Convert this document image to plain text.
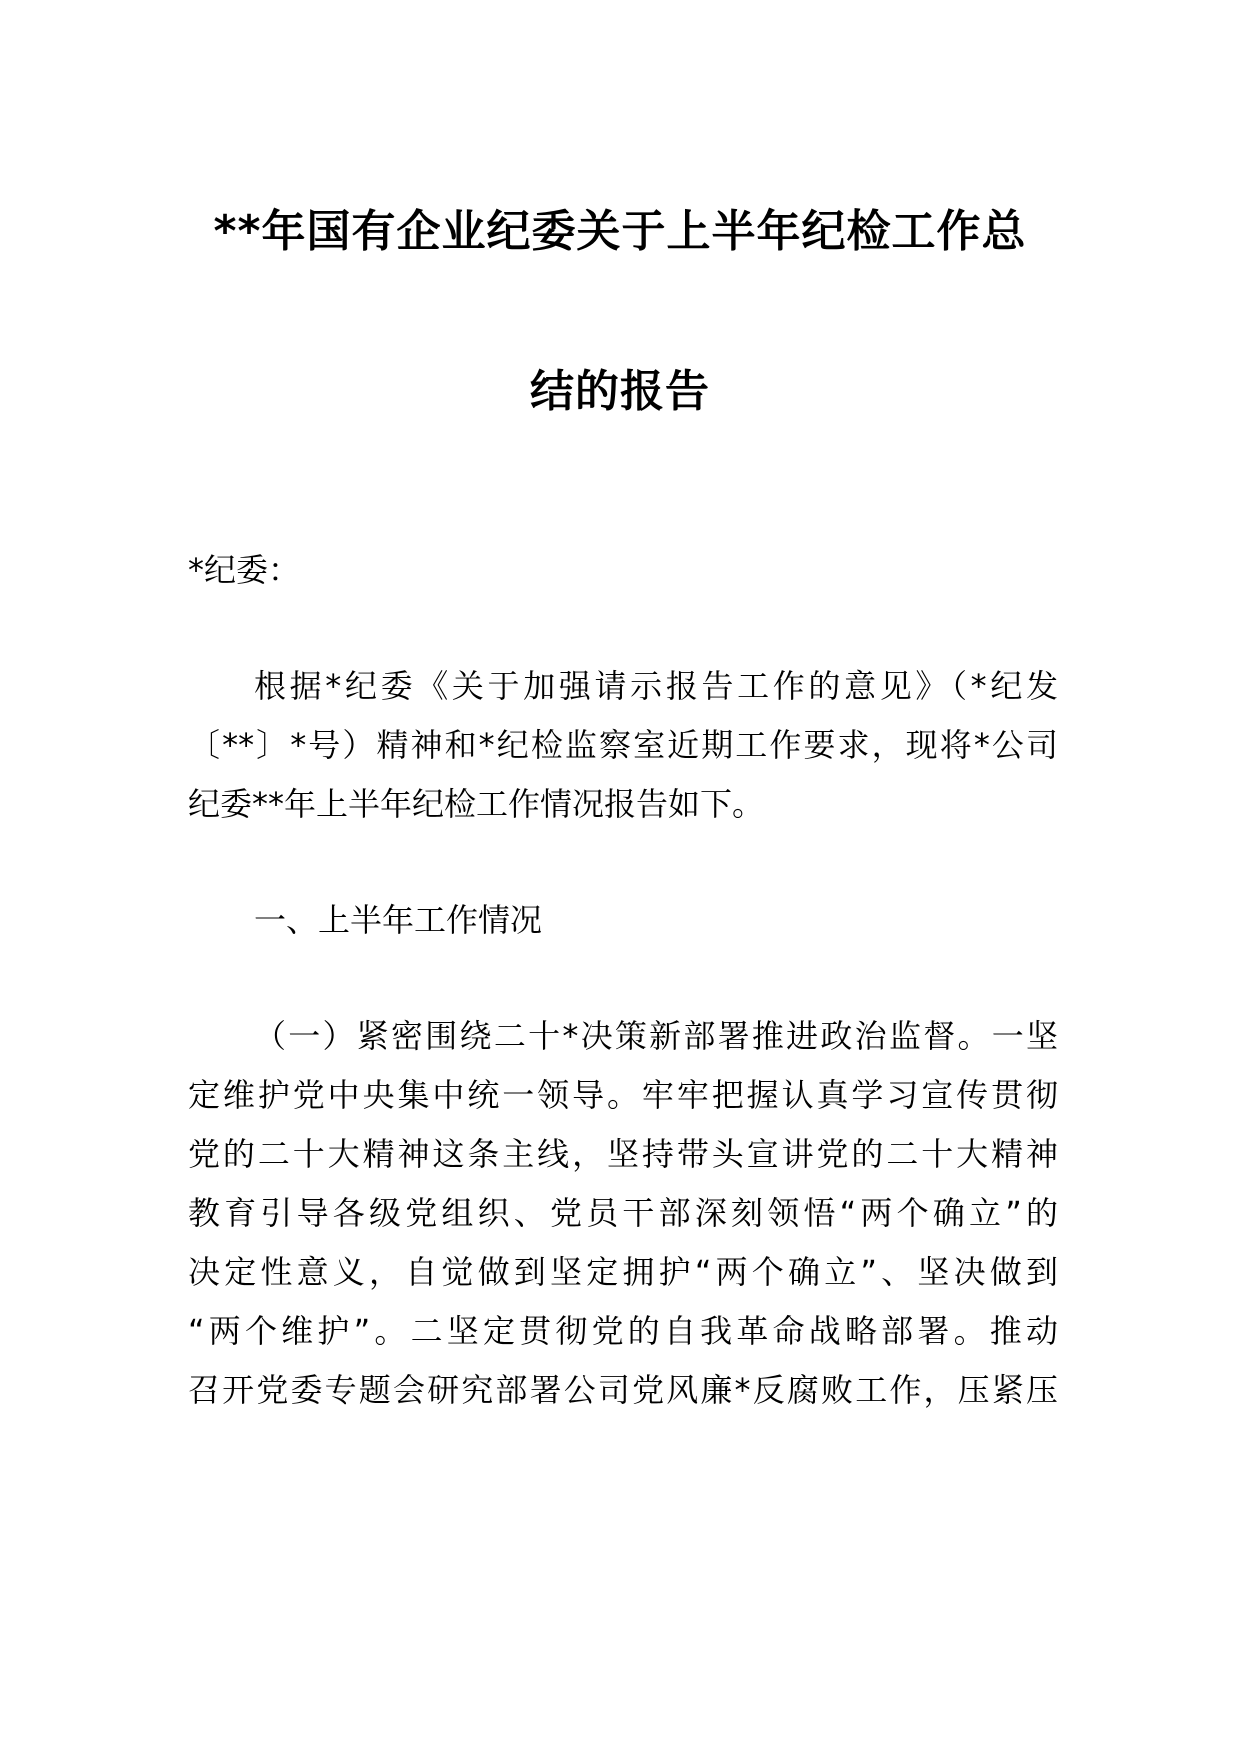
**年国有企业纪委关于上半年纪检工作总
结的报告
*纪委：
根据*纪委《关于加强请示报告工作的意见》（*纪发
〔**〕*号）精神和*纪检监察室近期工作要求，现将*公司
纪委**年上半年纪检工作情况报告如下。
一、上半年工作情况
（一）紧密围绕二十*决策新部署推进政治监督。一坚
定维护党中央集中统一领导。牢牢把握认真学习宣传贯彻
党的二十大精神这条主线，坚持带头宣讲党的二十大精神
教育引导各级党组织、党员干部深刻领悟“两个确立”的
决定性意义，自觉做到坚定拥护“两个确立”、坚决做到
“两个维护”。二坚定贯彻党的自我革命战略部署。推动
召开党委专题会研究部署公司党风廉*反腐败工作，压紧压
